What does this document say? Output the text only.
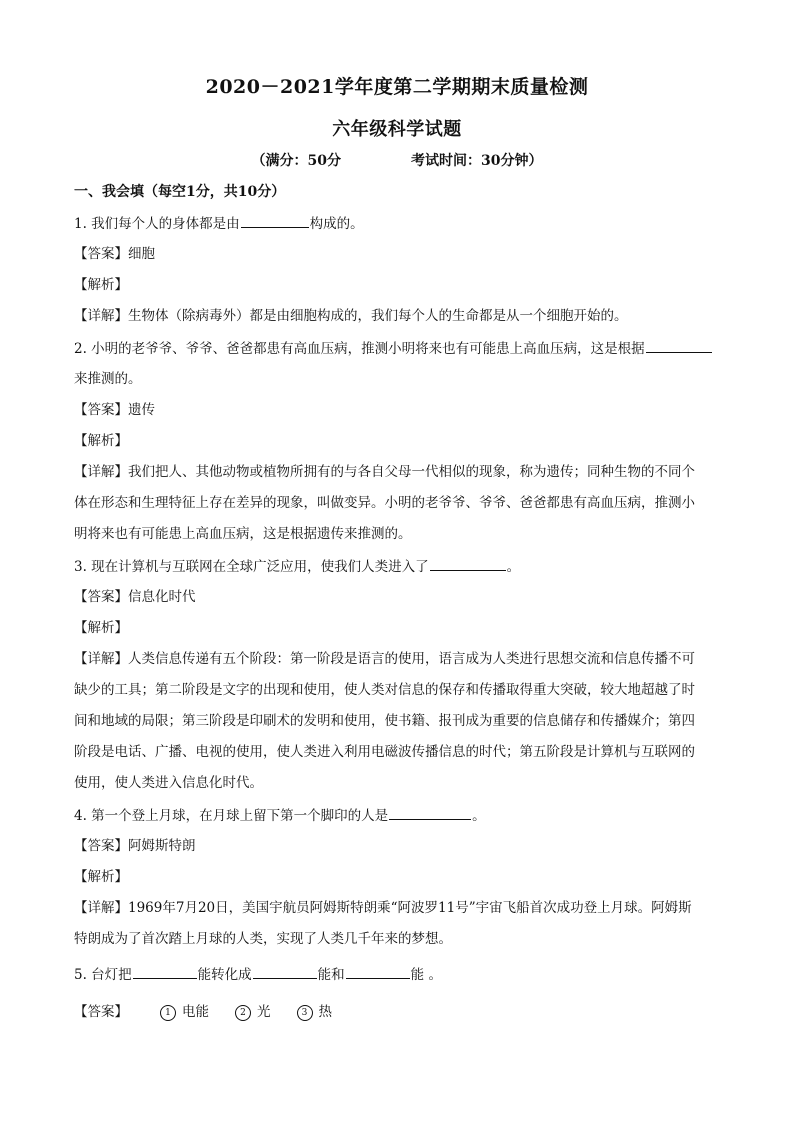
2020－2021学年度第二学期期末质量检测
六年级科学试题
（满分：50分	考试时间：30分钟）
一、我会填（每空1分，共10分）
1. 我们每个人的身体都是由	构成的。
【答案】细胞
【解析】
【详解】生物体（除病毒外）都是由细胞构成的，我们每个人的生命都是从一个细胞开始的。
2. 小明的老爷爷、爷爷、爸爸都患有高血压病，推测小明将来也有可能患上高血压病，这是根据
来推测的。
【答案】遗传
【解析】
【详解】我们把人、其他动物或植物所拥有的与各自父母一代相似的现象，称为遗传；同种生物的不同个
体在形态和生理特征上存在差异的现象，叫做变异。小明的老爷爷、爷爷、爸爸都患有高血压病，推测小
明将来也有可能患上高血压病，这是根据遗传来推测的。
3. 现在计算机与互联网在全球广泛应用，使我们人类进入了	。
【答案】信息化时代
【解析】
【详解】人类信息传递有五个阶段：第一阶段是语言的使用，语言成为人类进行思想交流和信息传播不可
缺少的工具；第二阶段是文字的出现和使用，使人类对信息的保存和传播取得重大突破，较大地超越了时
间和地域的局限；第三阶段是印刷术的发明和使用，使书籍、报刊成为重要的信息储存和传播媒介；第四
阶段是电话、广播、电视的使用，使人类进入利用电磁波传播信息的时代；第五阶段是计算机与互联网的
使用，使人类进入信息化时代。
4. 第一个登上月球，在月球上留下第一个脚印的人是	。
【答案】阿姆斯特朗
【解析】
【详解】1969年7月20日，美国宇航员阿姆斯特朗乘“阿波罗11号”宇宙飞船首次成功登上月球。阿姆斯
特朗成为了首次踏上月球的人类，实现了人类几千年来的梦想。
5. 台灯把	能转化成	能和	能 。
【答案】	1 电能	2 光	3 热
